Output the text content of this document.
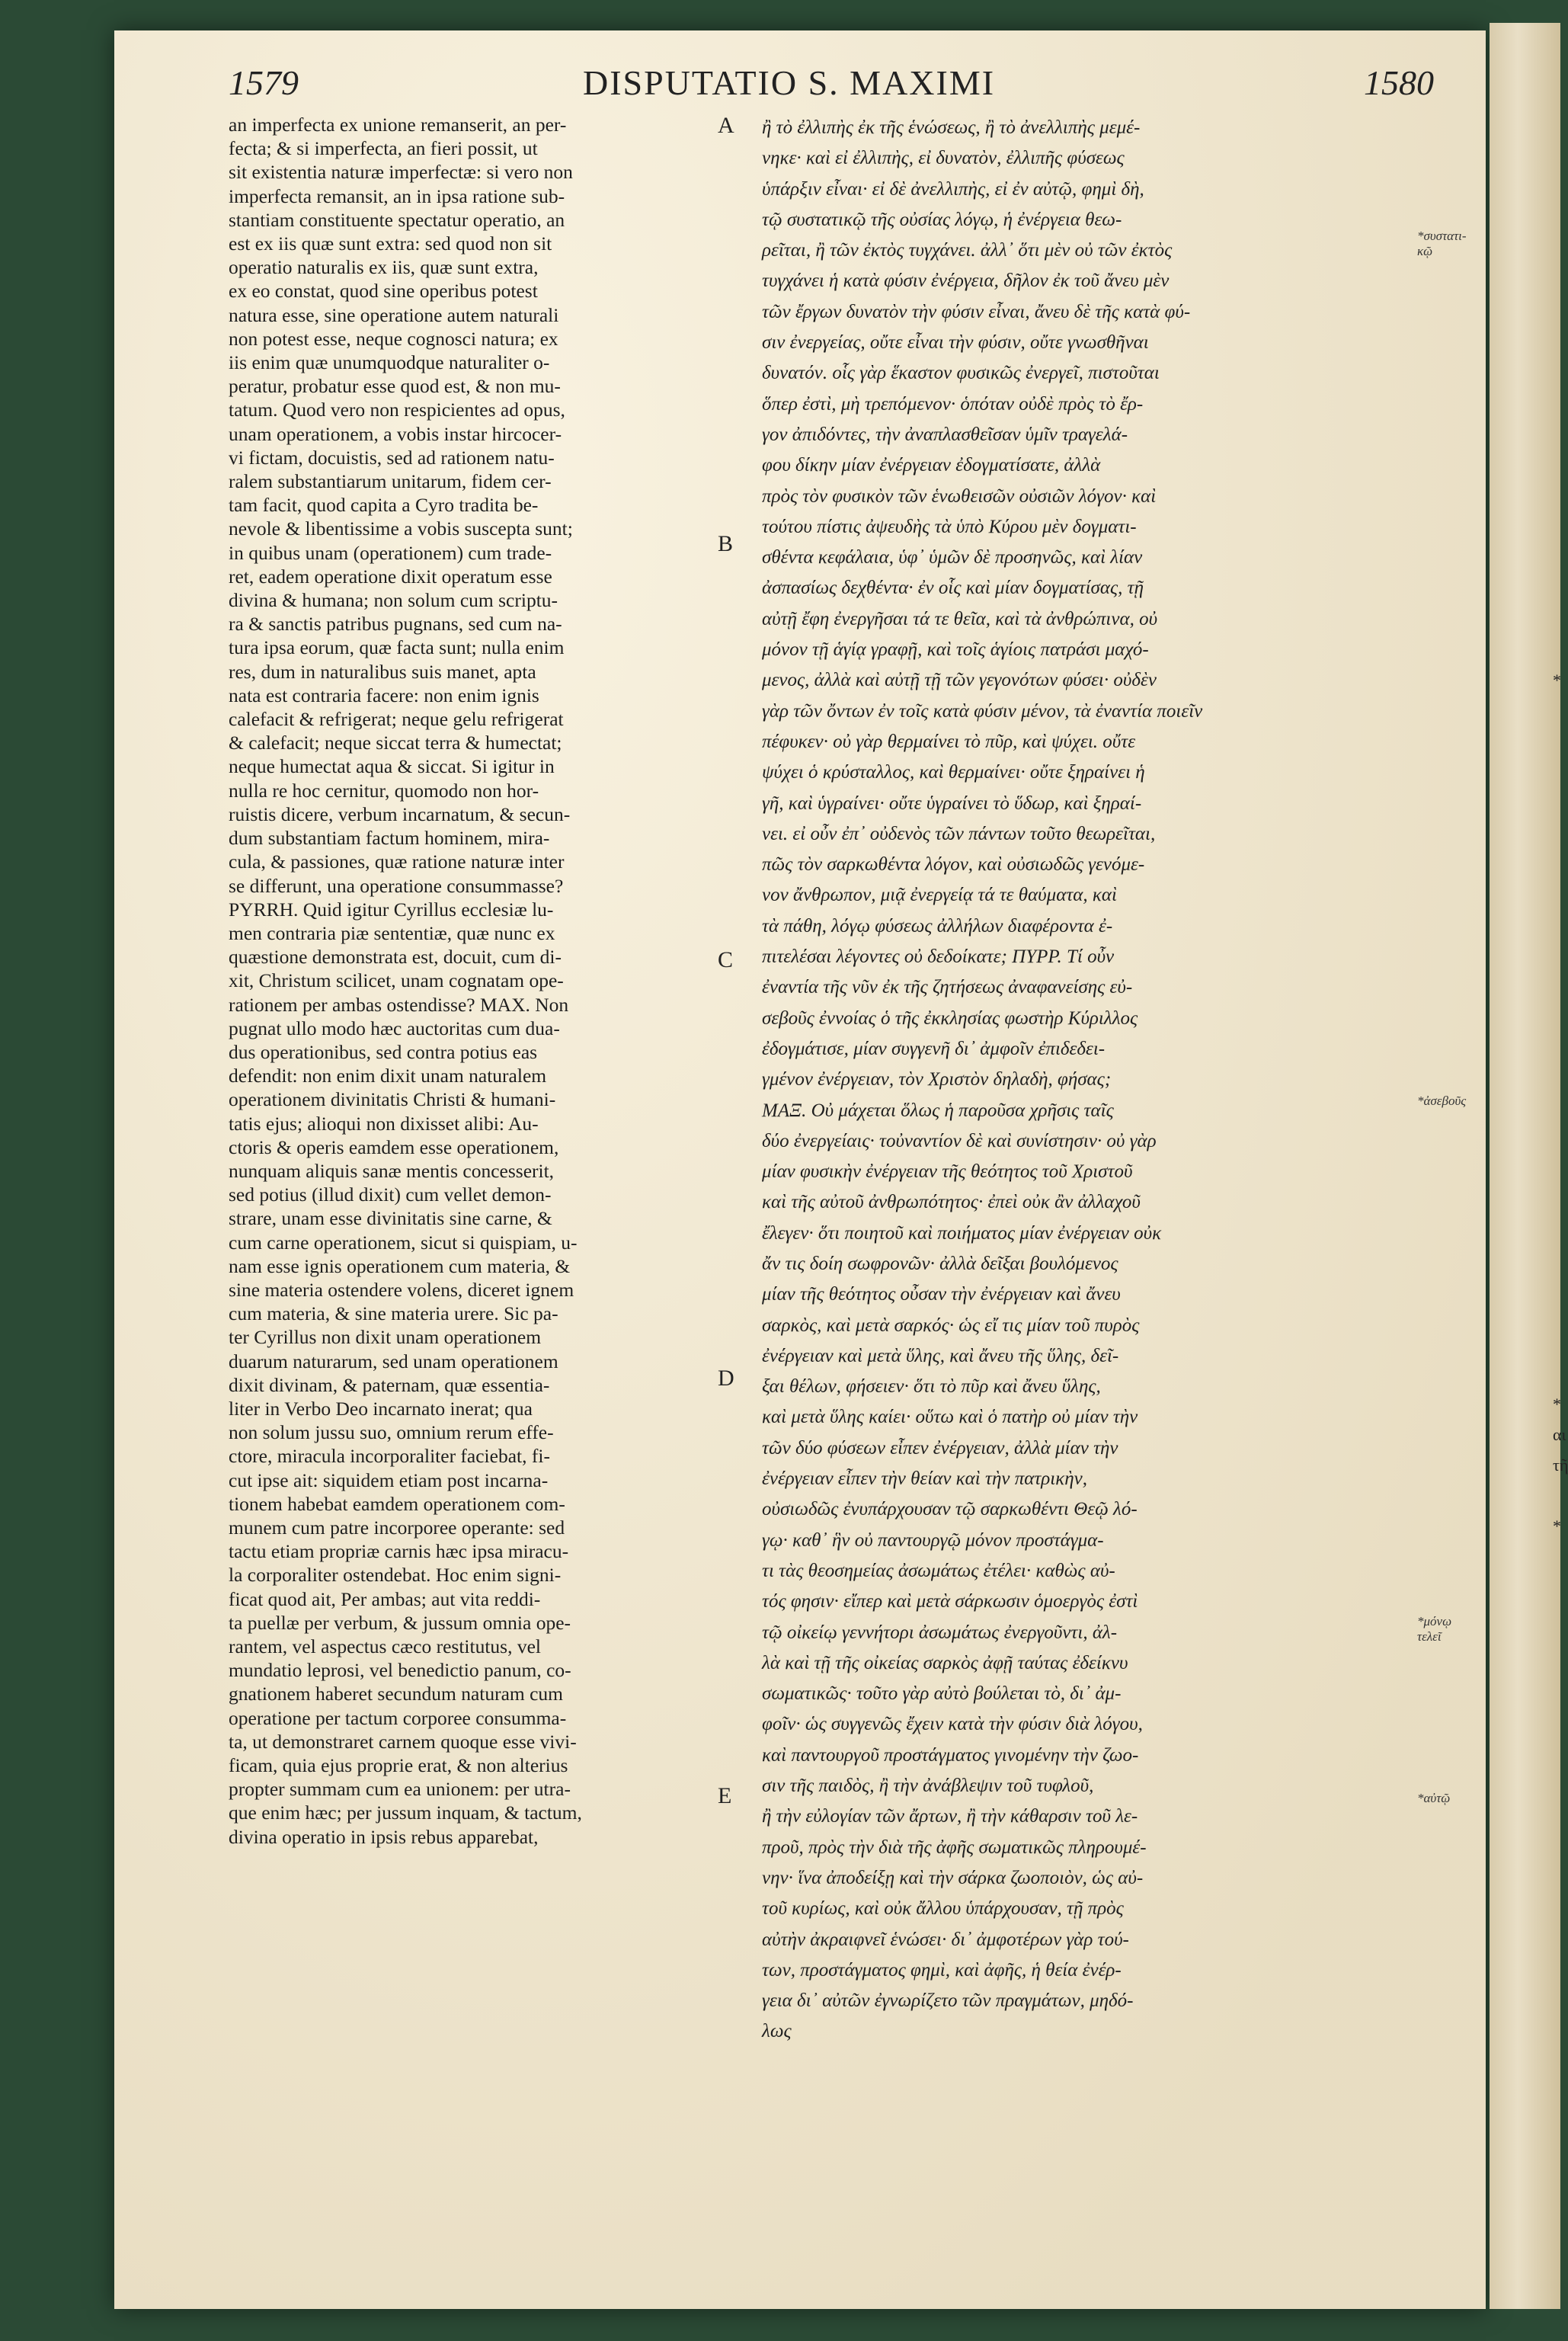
*
*
αι
τῆ
*
1579	DISPUTATIO S. MAXIMI	1580
an imperfecta ex unione remanserit, an per-
fecta; & si imperfecta, an fieri possit, ut
sit existentia naturæ imperfectæ: si vero non
imperfecta remansit, an in ipsa ratione sub-
stantiam constituente spectatur operatio, an
est ex iis quæ sunt extra: sed quod non sit
operatio naturalis ex iis, quæ sunt extra,
ex eo constat, quod sine operibus potest
natura esse, sine operatione autem naturali
non potest esse, neque cognosci natura; ex
iis enim quæ unumquodque naturaliter o-
peratur, probatur esse quod est, & non mu-
tatum. Quod vero non respicientes ad opus,
unam operationem, a vobis instar hircocer-
vi fictam, docuistis, sed ad rationem natu-
ralem substantiarum unitarum, fidem cer-
tam facit, quod capita a Cyro tradita be-
nevole & libentissime a vobis suscepta sunt;
in quibus unam (operationem) cum trade-
ret, eadem operatione dixit operatum esse
divina & humana; non solum cum scriptu-
ra & sanctis patribus pugnans, sed cum na-
tura ipsa eorum, quæ facta sunt; nulla enim
res, dum in naturalibus suis manet, apta
nata est contraria facere: non enim ignis
calefacit & refrigerat; neque gelu refrigerat
& calefacit; neque siccat terra & humectat;
neque humectat aqua & siccat. Si igitur in
nulla re hoc cernitur, quomodo non hor-
ruistis dicere, verbum incarnatum, & secun-
dum substantiam factum hominem, mira-
cula, & passiones, quæ ratione naturæ inter
se differunt, una operatione consummasse?
PYRRH. Quid igitur Cyrillus ecclesiæ lu-
men contraria piæ sententiæ, quæ nunc ex
quæstione demonstrata est, docuit, cum di-
xit, Christum scilicet, unam cognatam ope-
rationem per ambas ostendisse? MAX. Non
pugnat ullo modo hæc auctoritas cum dua-
dus operationibus, sed contra potius eas
defendit: non enim dixit unam naturalem
operationem divinitatis Christi & humani-
tatis ejus; alioqui non dixisset alibi: Au-
ctoris & operis eamdem esse operationem,
nunquam aliquis sanæ mentis concesserit,
sed potius (illud dixit) cum vellet demon-
strare, unam esse divinitatis sine carne, &
cum carne operationem, sicut si quispiam, u-
nam esse ignis operationem cum materia, &
sine materia ostendere volens, diceret ignem
cum materia, & sine materia urere. Sic pa-
ter Cyrillus non dixit unam operationem
duarum naturarum, sed unam operationem
dixit divinam, & paternam, quæ essentia-
liter in Verbo Deo incarnato inerat; qua
non solum jussu suo, omnium rerum effe-
ctore, miracula incorporaliter faciebat, fi-
cut ipse ait: siquidem etiam post incarna-
tionem habebat eamdem operationem com-
munem cum patre incorporee operante: sed
tactu etiam propriæ carnis hæc ipsa miracu-
la corporaliter ostendebat. Hoc enim signi-
ficat quod ait, Per ambas; aut vita reddi-
ta puellæ per verbum, & jussum omnia ope-
rantem, vel aspectus cæco restitutus, vel
mundatio leprosi, vel benedictio panum, co-
gnationem haberet secundum naturam cum
operatione per tactum corporee consumma-
ta, ut demonstraret carnem quoque esse vivi-
ficam, quia ejus proprie erat, & non alterius
propter summam cum ea unionem: per utra-
que enim hæc; per jussum inquam, & tactum,
divina operatio in ipsis rebus apparebat,
ἢ τὸ ἐλλιπὴς ἐκ τῆς ἑνώσεως, ἢ τὸ ἀνελλιπὴς μεμέ-
νηκε· καὶ εἰ ἐλλιπὴς, εἰ δυνατὸν, ἐλλιπῆς φύσεως
ὑπάρξιν εἶναι· εἰ δὲ ἀνελλιπὴς, εἰ ἐν αὐτῷ, φημὶ δὴ,
τῷ συστατικῷ τῆς οὐσίας λόγῳ, ἡ ἐνέργεια θεω-
ρεῖται, ἢ τῶν ἐκτὸς τυγχάνει. ἀλλ᾽ ὅτι μὲν οὐ τῶν ἐκτὸς
τυγχάνει ἡ κατὰ φύσιν ἐνέργεια, δῆλον ἐκ τοῦ ἄνευ μὲν
τῶν ἔργων δυνατὸν τὴν φύσιν εἶναι, ἄνευ δὲ τῆς κατὰ φύ-
σιν ἐνεργείας, οὔτε εἶναι τὴν φύσιν, οὔτε γνωσθῆναι
δυνατόν. οἷς γὰρ ἕκαστον φυσικῶς ἐνεργεῖ, πιστοῦται
ὅπερ ἐστὶ, μὴ τρεπόμενον· ὁπόταν οὐδὲ πρὸς τὸ ἔρ-
γον ἀπιδόντες, τὴν ἀναπλασθεῖσαν ὑμῖν τραγελά-
φου δίκην μίαν ἐνέργειαν ἐδογματίσατε, ἀλλὰ
πρὸς τὸν φυσικὸν τῶν ἑνωθεισῶν οὐσιῶν λόγον· καὶ
τούτου πίστις ἀψευδὴς τὰ ὑπὸ Κύρου μὲν δογματι-
σθέντα κεφάλαια, ὑφ᾽ ὑμῶν δὲ προσηνῶς, καὶ λίαν
ἀσπασίως δεχθέντα· ἐν οἷς καὶ μίαν δογματίσας, τῇ
αὐτῇ ἔφη ἐνεργῆσαι τά τε θεῖα, καὶ τὰ ἀνθρώπινα, οὐ
μόνον τῇ ἁγίᾳ γραφῇ, καὶ τοῖς ἁγίοις πατράσι μαχό-
μενος, ἀλλὰ καὶ αὐτῇ τῇ τῶν γεγονότων φύσει· οὐδὲν
γὰρ τῶν ὄντων ἐν τοῖς κατὰ φύσιν μένον, τὰ ἐναντία ποιεῖν
πέφυκεν· οὐ γὰρ θερμαίνει τὸ πῦρ, καὶ ψύχει. οὔτε
ψύχει ὁ κρύσταλλος, καὶ θερμαίνει· οὔτε ξηραίνει ἡ
γῆ, καὶ ὑγραίνει· οὔτε ὑγραίνει τὸ ὕδωρ, καὶ ξηραί-
νει. εἰ οὖν ἐπ᾽ οὐδενὸς τῶν πάντων τοῦτο θεωρεῖται,
πῶς τὸν σαρκωθέντα λόγον, καὶ οὐσιωδῶς γενόμε-
νον ἄνθρωπον, μιᾷ ἐνεργείᾳ τά τε θαύματα, καὶ
τὰ πάθη, λόγῳ φύσεως ἀλλήλων διαφέροντα ἐ-
πιτελέσαι λέγοντες οὐ δεδοίκατε; ΠΥΡΡ. Τί οὖν
ἐναντία τῆς νῦν ἐκ τῆς ζητήσεως ἀναφανείσης εὐ-
σεβοῦς ἐννοίας ὁ τῆς ἐκκλησίας φωστὴρ Κύριλλος
ἐδογμάτισε, μίαν συγγενῆ δι᾽ ἀμφοῖν ἐπιδεδει-
γμένον ἐνέργειαν, τὸν Χριστὸν δηλαδὴ, φήσας;
ΜΑΞ. Οὐ μάχεται ὅλως ἡ παροῦσα χρῆσις ταῖς
δύο ἐνεργείαις· τοὐναντίον δὲ καὶ συνίστησιν· οὐ γὰρ
μίαν φυσικὴν ἐνέργειαν τῆς θεότητος τοῦ Χριστοῦ
καὶ τῆς αὐτοῦ ἀνθρωπότητος· ἐπεὶ οὐκ ἂν ἀλλαχοῦ
ἔλεγεν· ὅτι ποιητοῦ καὶ ποιήματος μίαν ἐνέργειαν οὐκ
ἄν τις δοίη σωφρονῶν· ἀλλὰ δεῖξαι βουλόμενος
μίαν τῆς θεότητος οὖσαν τὴν ἐνέργειαν καὶ ἄνευ
σαρκὸς, καὶ μετὰ σαρκός· ὡς εἴ τις μίαν τοῦ πυρὸς
ἐνέργειαν καὶ μετὰ ὕλης, καὶ ἄνευ τῆς ὕλης, δεῖ-
ξαι θέλων, φήσειεν· ὅτι τὸ πῦρ καὶ ἄνευ ὕλης,
καὶ μετὰ ὕλης καίει· οὕτω καὶ ὁ πατὴρ οὐ μίαν τὴν
τῶν δύο φύσεων εἶπεν ἐνέργειαν, ἀλλὰ μίαν τὴν
ἐνέργειαν εἶπεν τὴν θείαν καὶ τὴν πατρικὴν,
οὐσιωδῶς ἐνυπάρχουσαν τῷ σαρκωθέντι Θεῷ λό-
γῳ· καθ᾽ ἣν οὐ παντουργῷ μόνον προστάγμα-
τι τὰς θεοσημείας ἀσωμάτως ἐτέλει· καθὼς αὐ-
τός φησιν· εἴπερ καὶ μετὰ σάρκωσιν ὁμοεργὸς ἐστὶ
τῷ οἰκείῳ γεννήτορι ἀσωμάτως ἐνεργοῦντι, ἀλ-
λὰ καὶ τῇ τῆς οἰκείας σαρκὸς ἀφῇ ταύτας ἐδείκνυ
σωματικῶς· τοῦτο γὰρ αὐτὸ βούλεται τὸ, δι᾽ ἀμ-
φοῖν· ὡς συγγενῶς ἔχειν κατὰ τὴν φύσιν διὰ λόγου,
καὶ παντουργοῦ προστάγματος γινομένην τὴν ζωο-
σιν τῆς παιδὸς, ἢ τὴν ἀνάβλεψιν τοῦ τυφλοῦ,
ἢ τὴν εὐλογίαν τῶν ἄρτων, ἢ τὴν κάθαρσιν τοῦ λε-
προῦ, πρὸς τὴν διὰ τῆς ἀφῆς σωματικῶς πληρουμέ-
νην· ἵνα ἀποδείξῃ καὶ τὴν σάρκα ζωοποιὸν, ὡς αὐ-
τοῦ κυρίως, καὶ οὐκ ἄλλου ὑπάρχουσαν, τῇ πρὸς
αὐτὴν ἀκραιφνεῖ ἑνώσει· δι᾽ ἀμφοτέρων γὰρ τού-
των, προστάγματος φημὶ, καὶ ἀφῆς, ἡ θεία ἐνέρ-
γεια δι᾽ αὐτῶν ἐγνωρίζετο τῶν πραγμάτων, μηδό-
λως
A
B
C
D
E
*συστατι-κῷ
*ἀσεβοῦς
*μόνῳ τελεῖ
*αὐτῷ
